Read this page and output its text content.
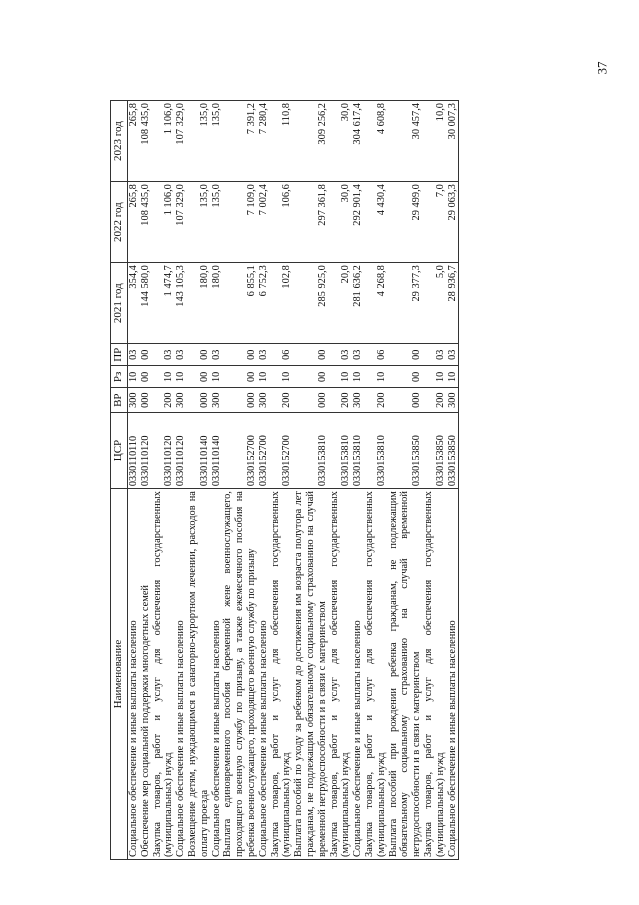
37
Наименование	ЦСР	ВР	Рз	ПР	2021 год	2022 год	2023 год
Социальное обеспечение и иные выплаты населению	0330110110	300	10	03	354,4	265,8	265,8
Обеспечение мер социальной поддержки многодетных семей	0330110120	000	00	00	144 580,0	108 435,0	108 435,0
Закупка товаров, работ и услуг для обеспечения государственных (муниципальных) нужд	0330110120	200	10	03	1 474,7	1 106,0	1 106,0
Социальное обеспечение и иные выплаты населению	0330110120	300	10	03	143 105,3	107 329,0	107 329,0
Возмещение детям, нуждающимся в санаторно-курортном лечении, расходов на оплату проезда	0330110140	000	00	00	180,0	135,0	135,0
Социальное обеспечение и иные выплаты населению	0330110140	300	10	03	180,0	135,0	135,0
Выплата единовременного пособия беременной жене военнослужащего, проходящего военную службу по призыву, а также ежемесячного пособия на ребенка военнослужащего, проходящего военную службу по призыву	0330152700	000	00	00	6 855,1	7 109,0	7 391,2
Социальное обеспечение и иные выплаты населению	0330152700	300	10	03	6 752,3	7 002,4	7 280,4
Закупка товаров, работ и услуг для обеспечения государственных (муниципальных) нужд	0330152700	200	10	06	102,8	106,6	110,8
Выплата пособий по уходу за ребенком до достижения им возраста полутора лет гражданам, не подлежащим обязательному социальному страхованию на случай временной нетрудоспособности и в связи с материнством	0330153810	000	00	00	285 925,0	297 361,8	309 256,2
Закупка товаров, работ и услуг для обеспечения государственных (муниципальных) нужд	0330153810	200	10	03	20,0	30,0	30,0
Социальное обеспечение и иные выплаты населению	0330153810	300	10	03	281 636,2	292 901,4	304 617,4
Закупка товаров, работ и услуг для обеспечения государственных (муниципальных) нужд	0330153810	200	10	06	4 268,8	4 430,4	4 608,8
Выплата пособий при рождении ребенка гражданам, не подлежащим обязательному социальному страхованию на случай временной нетрудоспособности и в связи с материнством	0330153850	000	00	00	29 377,3	29 499,0	30 457,4
Закупка товаров, работ и услуг для обеспечения государственных (муниципальных) нужд	0330153850	200	10	03	5,0	7,0	10,0
Социальное обеспечение и иные выплаты населению	0330153850	300	10	03	28 936,7	29 063,3	30 007,3
